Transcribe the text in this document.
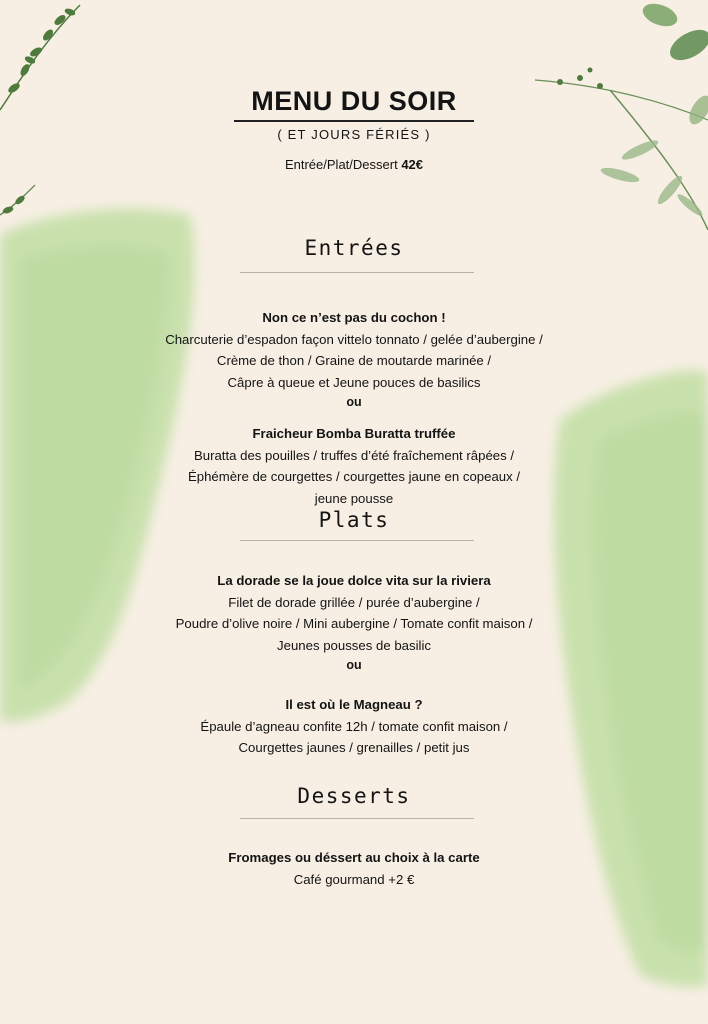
MENU DU SOIR
( ET JOURS FÉRIÉS )
Entrée/Plat/Dessert 42€
Entrées
Non ce n’est pas du cochon !
Charcuterie d’espadon façon vittelo tonnato / gelée d’aubergine /
Crème de thon / Graine de moutarde marinée /
Câpre à queue et Jeune pouces de basilics
ou
Fraicheur Bomba Buratta truffée
Buratta des pouilles / truffes d’été fraîchement râpées /
Éphémère de courgettes / courgettes jaune en copeaux /
jeune pousse
Plats
La dorade se la joue dolce vita sur la riviera
Filet de dorade grillée / purée d’aubergine /
Poudre d’olive noire / Mini aubergine / Tomate confit maison /
Jeunes pousses de basilic
ou
Il est où le Magneau ?
Épaule d’agneau confite 12h / tomate confit maison /
Courgettes jaunes / grenailles / petit jus
Desserts
Fromages ou déssert au choix à la carte
Café gourmand +2 €
